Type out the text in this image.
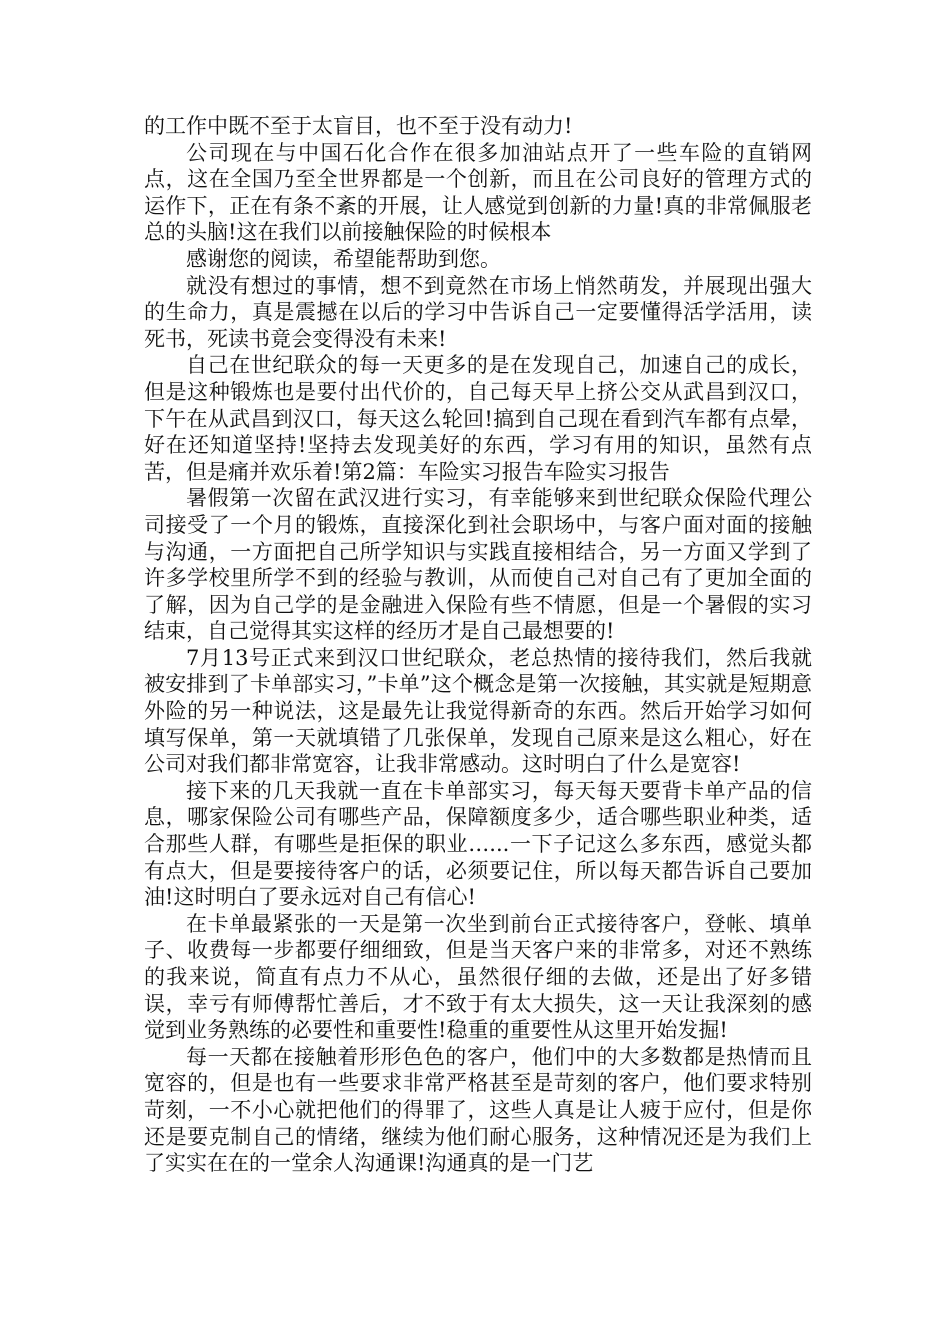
的工作中既不至于太盲目，也不至于没有动力!

公司现在与中国石化合作在很多加油站点开了一些车险的直销网点，这在全国乃至全世界都是一个创新，而且在公司良好的管理方式的运作下，正在有条不紊的开展，让人感觉到创新的力量!真的非常佩服老总的头脑!这在我们以前接触保险的时候根本

感谢您的阅读，希望能帮助到您。

就没有想过的事情，想不到竟然在市场上悄然萌发，并展现出强大的生命力，真是震撼在以后的学习中告诉自己一定要懂得活学活用，读死书，死读书竟会变得没有未来!

自己在世纪联众的每一天更多的是在发现自己，加速自己的成长，但是这种锻炼也是要付出代价的，自己每天早上挤公交从武昌到汉口，下午在从武昌到汉口，每天这么轮回!搞到自己现在看到汽车都有点晕，好在还知道坚持!坚持去发现美好的东西，学习有用的知识，虽然有点苦，但是痛并欢乐着!第2篇：车险实习报告车险实习报告

暑假第一次留在武汉进行实习，有幸能够来到世纪联众保险代理公司接受了一个月的锻炼，直接深化到社会职场中，与客户面对面的接触与沟通，一方面把自己所学知识与实践直接相结合，另一方面又学到了许多学校里所学不到的经验与教训，从而使自己对自己有了更加全面的了解，因为自己学的是金融进入保险有些不情愿，但是一个暑假的实习结束，自己觉得其实这样的经历才是自己最想要的!

7月13号正式来到汉口世纪联众，老总热情的接待我们，然后我就被安排到了卡单部实习，”卡单”这个概念是第一次接触，其实就是短期意外险的另一种说法，这是最先让我觉得新奇的东西。然后开始学习如何填写保单，第一天就填错了几张保单，发现自己原来是这么粗心，好在公司对我们都非常宽容，让我非常感动。这时明白了什么是宽容!

接下来的几天我就一直在卡单部实习，每天每天要背卡单产品的信息，哪家保险公司有哪些产品，保障额度多少，适合哪些职业种类，适合那些人群，有哪些是拒保的职业…...一下子记这么多东西，感觉头都有点大，但是要接待客户的话，必须要记住，所以每天都告诉自己要加油!这时明白了要永远对自己有信心!

在卡单最紧张的一天是第一次坐到前台正式接待客户，登帐、填单子、收费每一步都要仔细细致，但是当天客户来的非常多，对还不熟练的我来说，简直有点力不从心，虽然很仔细的去做，还是出了好多错误，幸亏有师傅帮忙善后，才不致于有太大损失，这一天让我深刻的感觉到业务熟练的必要性和重要性!稳重的重要性从这里开始发掘!

每一天都在接触着形形色色的客户，他们中的大多数都是热情而且宽容的，但是也有一些要求非常严格甚至是苛刻的客户，他们要求特别苛刻，一不小心就把他们的得罪了，这些人真是让人疲于应付，但是你还是要克制自己的情绪，继续为他们耐心服务，这种情况还是为我们上了实实在在的一堂余人沟通课!沟通真的是一门艺
